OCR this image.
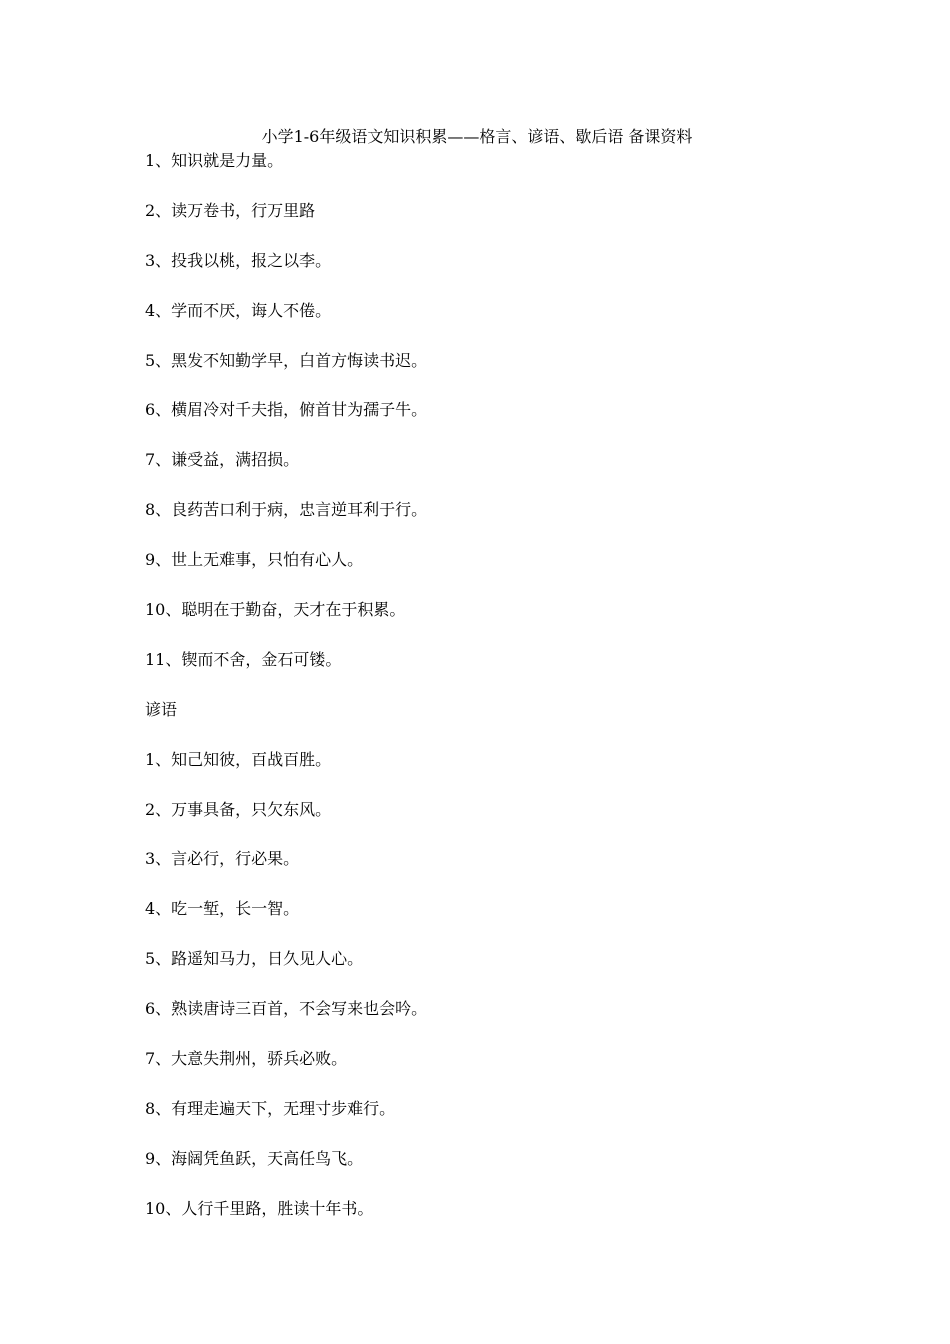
小学1-6年级语文知识积累——格言、谚语、歇后语 备课资料
1、知识就是力量。
2、读万卷书，行万里路
3、投我以桃，报之以李。
4、学而不厌，诲人不倦。
5、黑发不知勤学早，白首方悔读书迟。
6、横眉冷对千夫指，俯首甘为孺子牛。
7、谦受益，满招损。
8、良药苦口利于病，忠言逆耳利于行。
9、世上无难事，只怕有心人。
10、聪明在于勤奋，天才在于积累。
11、锲而不舍，金石可镂。
谚语
1、知己知彼，百战百胜。
2、万事具备，只欠东风。
3、言必行，行必果。
4、吃一堑，长一智。
5、路遥知马力，日久见人心。
6、熟读唐诗三百首，不会写来也会吟。
7、大意失荆州，骄兵必败。
8、有理走遍天下，无理寸步难行。
9、海阔凭鱼跃，天高任鸟飞。
10、人行千里路，胜读十年书。
